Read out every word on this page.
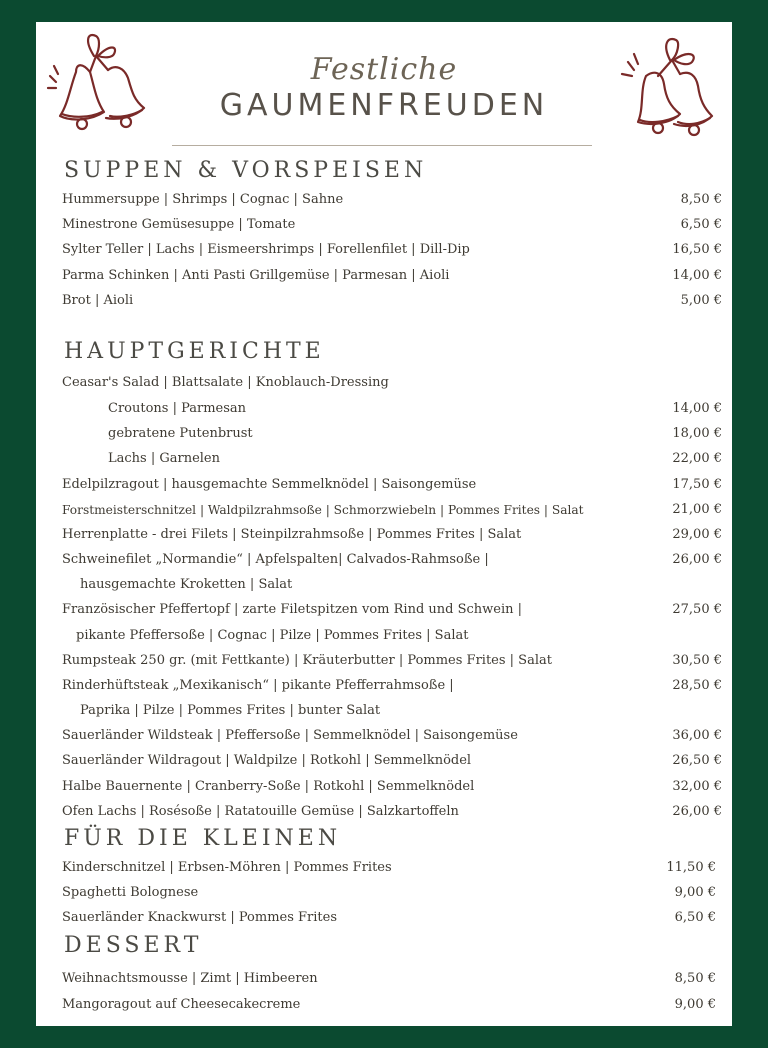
Festliche
GAUMENFREUDEN
SUPPEN & VORSPEISEN
Hummersuppe | Shrimps | Cognac | Sahne	8,50 €
Minestrone Gemüsesuppe | Tomate	6,50 €
Sylter Teller | Lachs | Eismeershrimps | Forellenfilet | Dill-Dip	16,50 €
Parma Schinken | Anti Pasti Grillgemüse | Parmesan | Aioli	14,00 €
Brot | Aioli	5,00 €
HAUPTGERICHTE
Ceasar's Salad | Blattsalate | Knoblauch-Dressing
Croutons | Parmesan	14,00 €
gebratene Putenbrust	18,00 €
Lachs | Garnelen	22,00 €
Edelpilzragout | hausgemachte Semmelknödel | Saisongemüse	17,50 €
Forstmeisterschnitzel | Waldpilzrahmsoße | Schmorzwiebeln | Pommes Frites | Salat	21,00 €
Herrenplatte - drei Filets | Steinpilzrahmsoße | Pommes Frites | Salat	29,00 €
Schweinefilet „Normandie“ | Apfelspalten| Calvados-Rahmsoße |	26,00 €
hausgemachte Kroketten | Salat
Französischer Pfeffertopf | zarte Filetspitzen vom Rind und Schwein |	27,50 €
pikante Pfeffersoße | Cognac | Pilze | Pommes Frites | Salat
Rumpsteak 250 gr. (mit Fettkante) | Kräuterbutter | Pommes Frites | Salat	30,50 €
Rinderhüftsteak „Mexikanisch“ | pikante Pfefferrahmsoße |	28,50 €
Paprika | Pilze | Pommes Frites | bunter Salat
Sauerländer Wildsteak | Pfeffersoße | Semmelknödel | Saisongemüse	36,00 €
Sauerländer Wildragout | Waldpilze | Rotkohl | Semmelknödel	26,50 €
Halbe Bauernente | Cranberry-Soße | Rotkohl | Semmelknödel	32,00 €
Ofen Lachs | Rosésoße | Ratatouille Gemüse | Salzkartoffeln	26,00 €
FÜR DIE KLEINEN
Kinderschnitzel | Erbsen-Möhren | Pommes Frites	11,50 €
Spaghetti Bolognese	9,00 €
Sauerländer Knackwurst | Pommes Frites	6,50 €
DESSERT
Weihnachtsmousse | Zimt | Himbeeren	8,50 €
Mangoragout auf Cheesecakecreme	9,00 €
